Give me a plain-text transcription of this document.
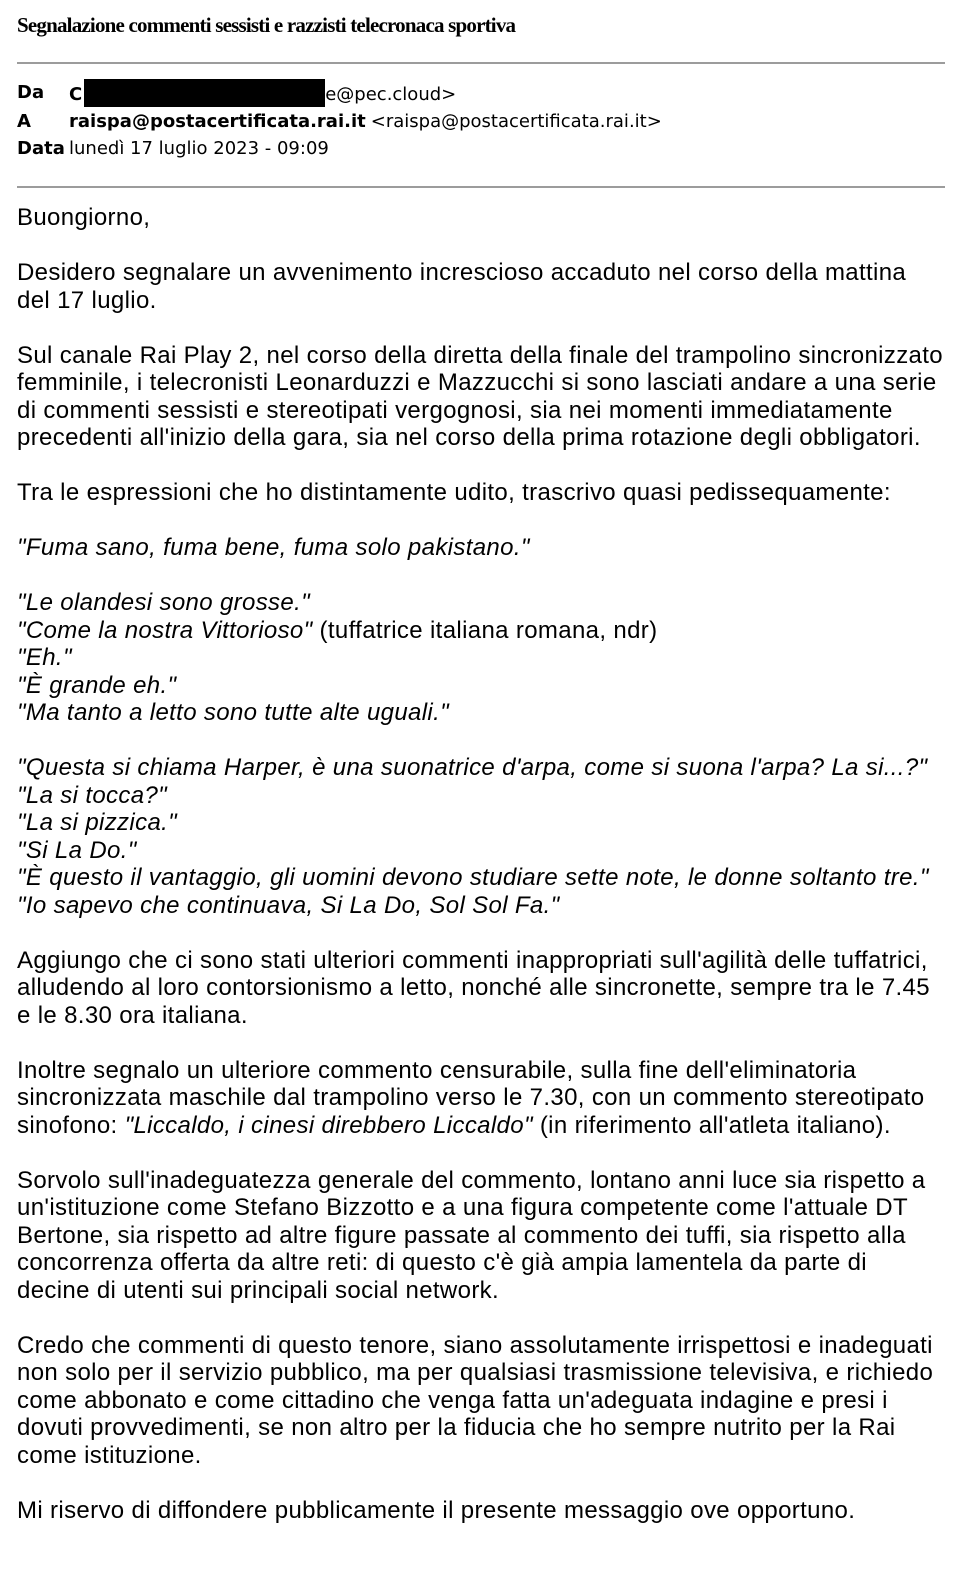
Segnalazione commenti sessisti e razzisti telecronaca sportiva
Da	C	e@pec.cloud>
A	raispa@postacertificata.rai.it <raispa@postacertificata.rai.it>
Data lunedì 17 luglio 2023 - 09:09

Buongiorno,

Desidero segnalare un avvenimento increscioso accaduto nel corso della mattina del 17 luglio.

Sul canale Rai Play 2, nel corso della diretta della finale del trampolino sincronizzato femminile, i telecronisti Leonarduzzi e Mazzucchi si sono lasciati andare a una serie di commenti sessisti e stereotipati vergognosi, sia nei momenti immediatamente precedenti all'inizio della gara, sia nel corso della prima rotazione degli obbligatori.

Tra le espressioni che ho distintamente udito, trascrivo quasi pedissequamente:

"Fuma sano, fuma bene, fuma solo pakistano."

"Le olandesi sono grosse."
"Come la nostra Vittorioso" (tuffatrice italiana romana, ndr)
"Eh."
"È grande eh."
"Ma tanto a letto sono tutte alte uguali."

"Questa si chiama Harper, è una suonatrice d'arpa, come si suona l'arpa? La si...?"
"La si tocca?"
"La si pizzica."
"Si La Do."
"È questo il vantaggio, gli uomini devono studiare sette note, le donne soltanto tre."
"Io sapevo che continuava, Si La Do, Sol Sol Fa."

Aggiungo che ci sono stati ulteriori commenti inappropriati sull'agilità delle tuffatrici, alludendo al loro contorsionismo a letto, nonché alle sincronette, sempre tra le 7.45 e le 8.30 ora italiana.

Inoltre segnalo un ulteriore commento censurabile, sulla fine dell'eliminatoria sincronizzata maschile dal trampolino verso le 7.30, con un commento stereotipato sinofono: "Liccaldo, i cinesi direbbero Liccaldo" (in riferimento all'atleta italiano).

Sorvolo sull'inadeguatezza generale del commento, lontano anni luce sia rispetto a un'istituzione come Stefano Bizzotto e a una figura competente come l'attuale DT Bertone, sia rispetto ad altre figure passate al commento dei tuffi, sia rispetto alla concorrenza offerta da altre reti: di questo c'è già ampia lamentela da parte di decine di utenti sui principali social network.

Credo che commenti di questo tenore, siano assolutamente irrispettosi e inadeguati non solo per il servizio pubblico, ma per qualsiasi trasmissione televisiva, e richiedo come abbonato e come cittadino che venga fatta un'adeguata indagine e presi i dovuti provvedimenti, se non altro per la fiducia che ho sempre nutrito per la Rai come istituzione.

Mi riservo di diffondere pubblicamente il presente messaggio ove opportuno.
